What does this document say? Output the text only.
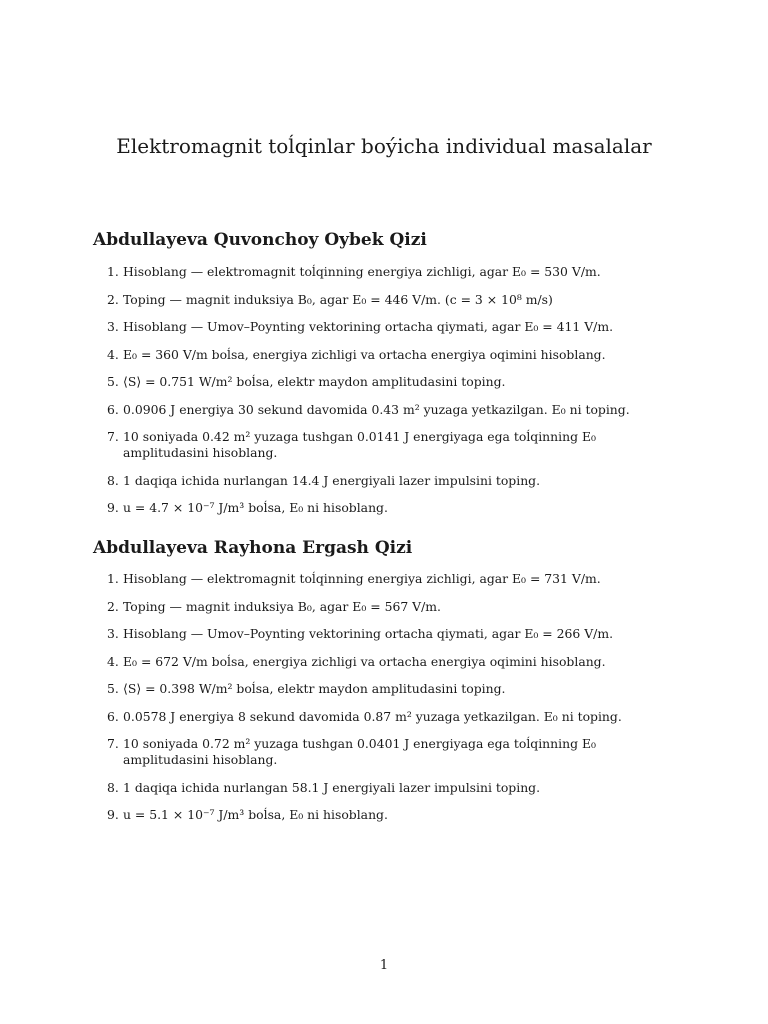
Elektromagnit toĺqinlar boýicha individual masalalar
Abdullayeva Quvonchoy Oybek Qizi
1. Hisoblang — elektromagnit toĺqinning energiya zichligi, agar E₀ = 530 V/m.
2. Toping — magnit induksiya B₀, agar E₀ = 446 V/m. (c = 3 × 10⁸ m/s)
3. Hisoblang — Umov–Poynting vektorining ortacha qiymati, agar E₀ = 411 V/m.
4. E₀ = 360 V/m boĺsa, energiya zichligi va ortacha energiya oqimini hisoblang.
5. ⟨S⟩ = 0.751 W/m² boĺsa, elektr maydon amplitudasini toping.
6. 0.0906 J energiya 30 sekund davomida 0.43 m² yuzaga yetkazilgan. E₀ ni toping.
7. 10 soniyada 0.42 m² yuzaga tushgan 0.0141 J energiyaga ega toĺqinning E₀ amplitudasini hisoblang.
8. 1 daqiqa ichida nurlangan 14.4 J energiyali lazer impulsini toping.
9. u = 4.7 × 10⁻⁷ J/m³ boĺsa, E₀ ni hisoblang.
Abdullayeva Rayhona Ergash Qizi
1. Hisoblang — elektromagnit toĺqinning energiya zichligi, agar E₀ = 731 V/m.
2. Toping — magnit induksiya B₀, agar E₀ = 567 V/m.
3. Hisoblang — Umov–Poynting vektorining ortacha qiymati, agar E₀ = 266 V/m.
4. E₀ = 672 V/m boĺsa, energiya zichligi va ortacha energiya oqimini hisoblang.
5. ⟨S⟩ = 0.398 W/m² boĺsa, elektr maydon amplitudasini toping.
6. 0.0578 J energiya 8 sekund davomida 0.87 m² yuzaga yetkazilgan. E₀ ni toping.
7. 10 soniyada 0.72 m² yuzaga tushgan 0.0401 J energiyaga ega toĺqinning E₀ amplitudasini hisoblang.
8. 1 daqiqa ichida nurlangan 58.1 J energiyali lazer impulsini toping.
9. u = 5.1 × 10⁻⁷ J/m³ boĺsa, E₀ ni hisoblang.
1
